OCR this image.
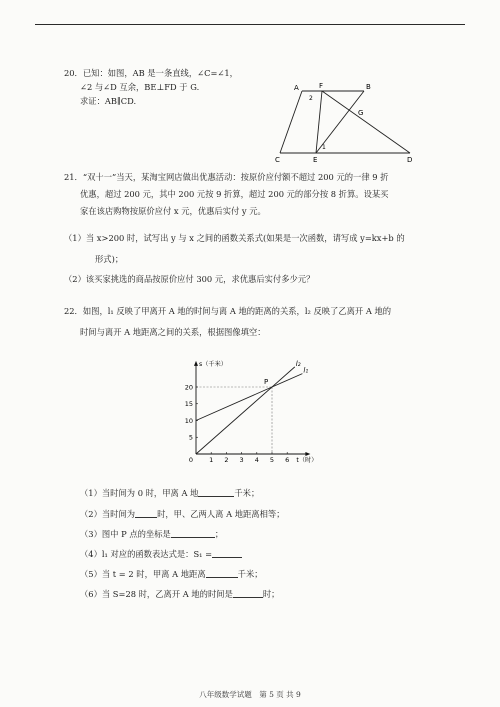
20．已知：如图，AB 是一条直线，∠C=∠1，
∠2 与∠D 互余，BE⊥FD 于 G.
求证：AB∥CD.
A	F	B
G
C	E	D
1
2
21．“双十一”当天，某淘宝网店做出优惠活动：按原价应付额不超过 200 元的一律 9 折
优惠，超过 200 元，其中 200 元按 9 折算，超过 200 元的部分按 8 折算。设某买
家在该店购物按原价应付 x 元，优惠后实付 y 元。
（1）当 x>200 时，试写出 y 与 x 之间的函数关系式(如果是一次函数，请写成 y=kx+b 的
形式)；
（2）该买家挑选的商品按原价应付 300 元，求优惠后实付多少元？
22．如图，l₁ 反映了甲离开 A 地的时间与离 A 地的距离的关系，l₂ 反映了乙离开 A 地的
时间与离开 A 地距离之间的关系，根据图像填空：
l₁
l₂
1 2 3 4 5 6
5
10
15
20
0	t（时）
s（千米）
P
（1）当时间为 0 时，甲离 A 地	千米；
（2）当时间为	时，甲、乙两人离 A 地距离相等；
（3）图中 P 点的坐标是	；
（4）l₁ 对应的函数表达式是：S₁ =
（5）当 t = 2 时，甲离 A 地距离	千米；
（6）当 S=28 时，乙离开 A 地的时间是	时；
八年级数学试题　第 5 页 共 9
